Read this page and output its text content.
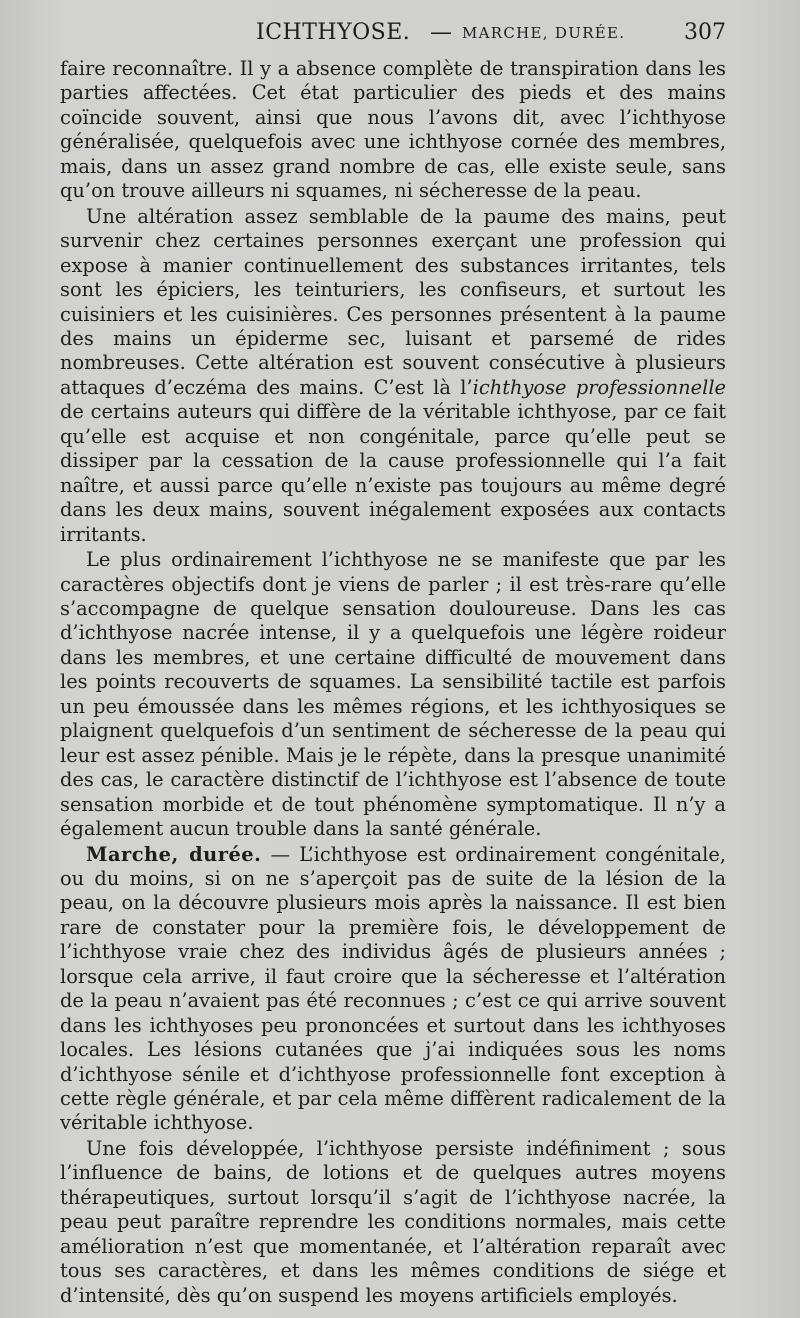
ICHTHYOSE. — MARCHE, DURÉE.	307

faire reconnaître. Il y a absence complète de transpiration dans les parties affectées. Cet état particulier des pieds et des mains coïncide souvent, ainsi que nous l’avons dit, avec l’ichthyose généralisée, quelquefois avec une ichthyose cornée des membres, mais, dans un assez grand nombre de cas, elle existe seule, sans qu’on trouve ailleurs ni squames, ni sécheresse de la peau.

Une altération assez semblable de la paume des mains, peut survenir chez certaines personnes exerçant une profession qui expose à manier continuellement des substances irritantes, tels sont les épiciers, les teinturiers, les confiseurs, et surtout les cuisiniers et les cuisinières. Ces personnes présentent à la paume des mains un épiderme sec, luisant et parsemé de rides nombreuses. Cette altération est souvent consécutive à plusieurs attaques d’eczéma des mains. C’est là l’ichthyose professionnelle de certains auteurs qui diffère de la véritable ichthyose, par ce fait qu’elle est acquise et non congénitale, parce qu’elle peut se dissiper par la cessation de la cause professionnelle qui l’a fait naître, et aussi parce qu’elle n’existe pas toujours au même degré dans les deux mains, souvent inégalement exposées aux contacts irritants.

Le plus ordinairement l’ichthyose ne se manifeste que par les caractères objectifs dont je viens de parler ; il est très-rare qu’elle s’accompagne de quelque sensation douloureuse. Dans les cas d’ichthyose nacrée intense, il y a quelquefois une légère roideur dans les membres, et une certaine difficulté de mouvement dans les points recouverts de squames. La sensibilité tactile est parfois un peu émoussée dans les mêmes régions, et les ichthyosiques se plaignent quelquefois d’un sentiment de sécheresse de la peau qui leur est assez pénible. Mais je le répète, dans la presque unanimité des cas, le caractère distinctif de l’ichthyose est l’absence de toute sensation morbide et de tout phénomène symptomatique. Il n’y a également aucun trouble dans la santé générale.

Marche, durée. — L’ichthyose est ordinairement congénitale, ou du moins, si on ne s’aperçoit pas de suite de la lésion de la peau, on la découvre plusieurs mois après la naissance. Il est bien rare de constater pour la première fois, le développement de l’ichthyose vraie chez des individus âgés de plusieurs années ; lorsque cela arrive, il faut croire que la sécheresse et l’altération de la peau n’avaient pas été reconnues ; c’est ce qui arrive souvent dans les ichthyoses peu prononcées et surtout dans les ichthyoses locales. Les lésions cutanées que j’ai indiquées sous les noms d’ichthyose sénile et d’ichthyose professionnelle font exception à cette règle générale, et par cela même diffèrent radicalement de la véritable ichthyose.

Une fois développée, l’ichthyose persiste indéfiniment ; sous l’influence de bains, de lotions et de quelques autres moyens thérapeutiques, surtout lorsqu’il s’agit de l’ichthyose nacrée, la peau peut paraître reprendre les conditions normales, mais cette amélioration n’est que momentanée, et l’altération reparaît avec tous ses caractères, et dans les mêmes conditions de siége et d’intensité, dès qu’on suspend les moyens artificiels employés.
